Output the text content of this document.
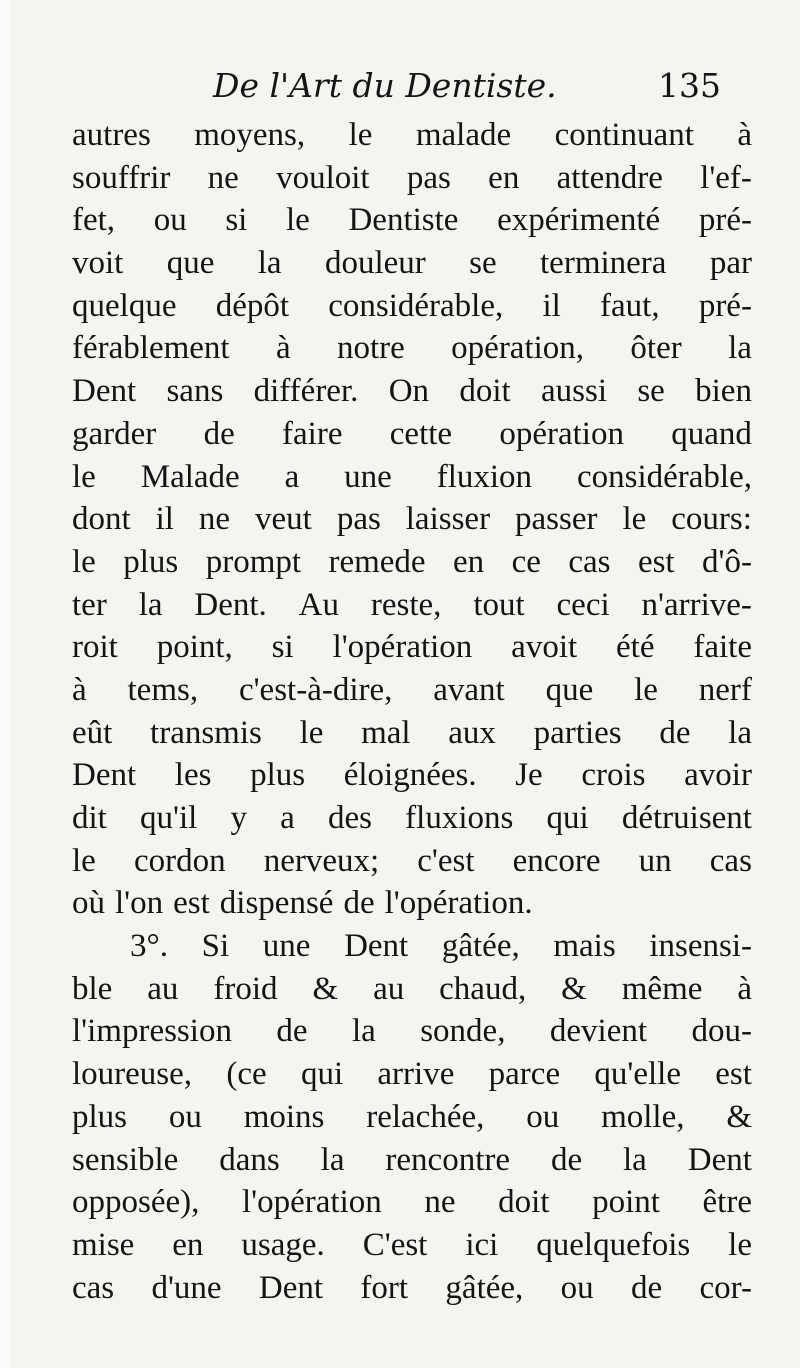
De l'Art du Dentiste.	135
autres moyens, le malade continuant à
souffrir ne vouloit pas en attendre l'ef-
fet, ou si le Dentiste expérimenté pré-
voit que la douleur se terminera par
quelque dépôt considérable, il faut, pré-
férablement à notre opération, ôter la
Dent sans différer. On doit aussi se bien
garder de faire cette opération quand
le Malade a une fluxion considérable,
dont il ne veut pas laisser passer le cours:
le plus prompt remede en ce cas est d'ô-
ter la Dent. Au reste, tout ceci n'arrive-
roit point, si l'opération avoit été faite
à tems, c'est-à-dire, avant que le nerf
eût transmis le mal aux parties de la
Dent les plus éloignées. Je crois avoir
dit qu'il y a des fluxions qui détruisent
le cordon nerveux; c'est encore un cas
où l'on est dispensé de l'opération.
3°. Si une Dent gâtée, mais insensi-
ble au froid & au chaud, & même à
l'impression de la sonde, devient dou-
loureuse, (ce qui arrive parce qu'elle est
plus ou moins relachée, ou molle, &
sensible dans la rencontre de la Dent
opposée), l'opération ne doit point être
mise en usage. C'est ici quelquefois le
cas d'une Dent fort gâtée, ou de cor-
